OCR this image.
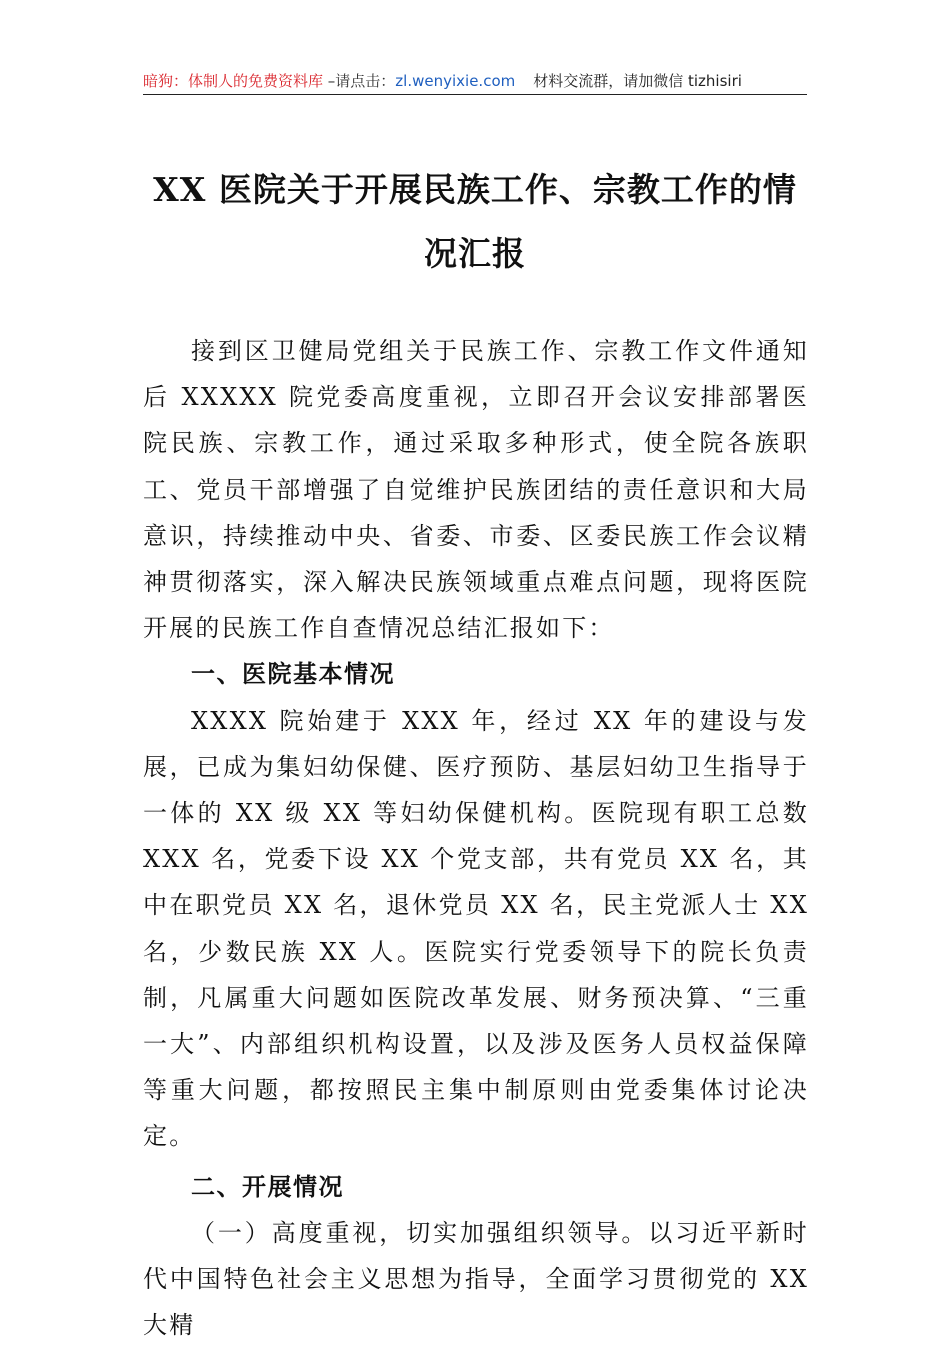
暗狗：体制人的免费资料库 –请点击：zl.wenyixie.com 材料交流群，请加微信 tizhisiri
XX 医院关于开展民族工作、宗教工作的情
况汇报

接到区卫健局党组关于民族工作、宗教工作文件通知后 XXXXX 院党委高度重视，立即召开会议安排部署医院民族、宗教工作，通过采取多种形式，使全院各族职工、党员干部增强了自觉维护民族团结的责任意识和大局意识，持续推动中央、省委、市委、区委民族工作会议精神贯彻落实，深入解决民族领域重点难点问题，现将医院开展的民族工作自查情况总结汇报如下：

一、医院基本情况

XXXX 院始建于 XXX 年，经过 XX 年的建设与发展，已成为集妇幼保健、医疗预防、基层妇幼卫生指导于一体的 XX 级 XX 等妇幼保健机构。医院现有职工总数 XXX 名，党委下设 XX 个党支部，共有党员 XX 名，其中在职党员 XX 名，退休党员 XX 名，民主党派人士 XX 名，少数民族 XX 人。医院实行党委领导下的院长负责制，凡属重大问题如医院改革发展、财务预决算、“三重一大”、内部组织机构设置，以及涉及医务人员权益保障等重大问题，都按照民主集中制原则由党委集体讨论决定。

二、开展情况

（一）高度重视，切实加强组织领导。以习近平新时代中国特色社会主义思想为指导，全面学习贯彻党的 XX 大精
